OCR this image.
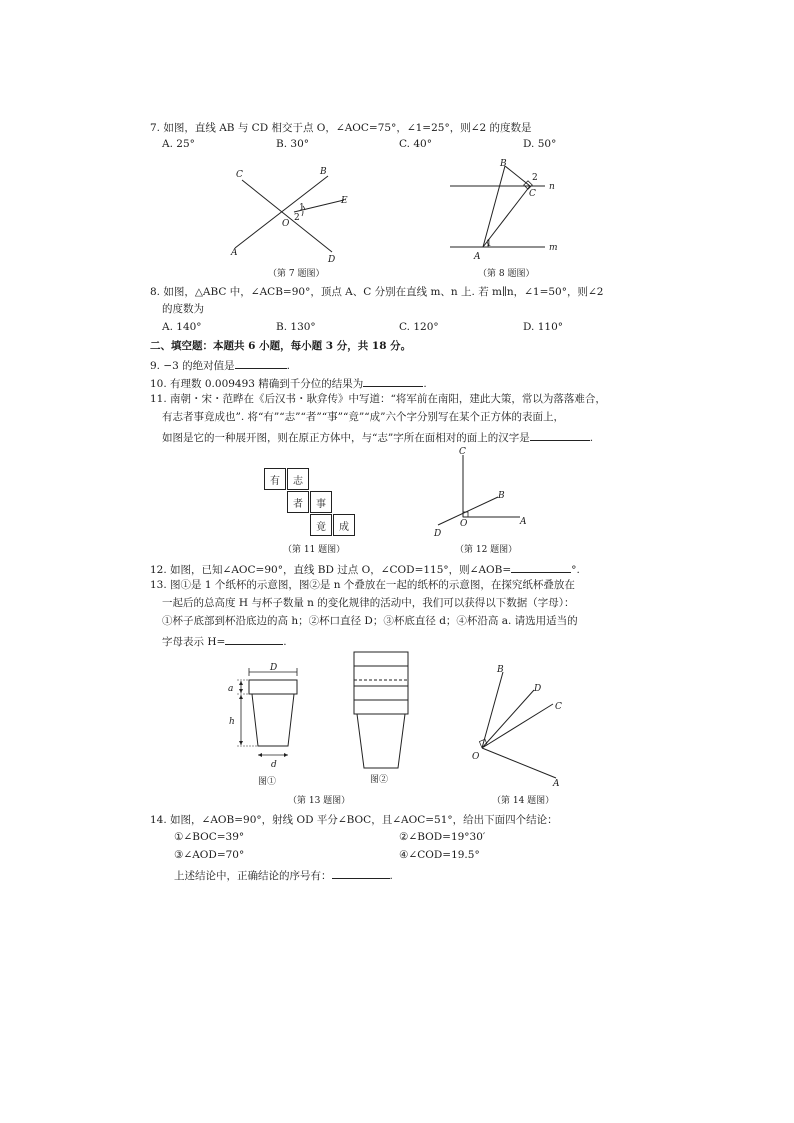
7. 如图，直线 AB 与 CD 相交于点 O，∠AOC=75°，∠1=25°，则∠2 的度数是
A. 25°	B. 30°	C. 40°	D. 50°
C	B
E
O
A
D
1
2
（第 7 题图）
B
2
C
n
m
1
A
（第 8 题图）
8. 如图，△ABC 中，∠ACB=90°，顶点 A、C 分别在直线 m、n 上. 若 m∥n，∠1=50°，则∠2
的度数为
A. 140°	B. 130°	C. 120°	D. 110°
二、填空题：本题共 6 小题，每小题 3 分，共 18 分。
9. −3 的绝对值是	.
10. 有理数 0.009493 精确到千分位的结果为	.
11. 南朝・宋・范晔在《后汉书・耿弇传》中写道：“将军前在南阳，建此大策，常以为落落难合，
有志者事竟成也”. 将“有”“志”“者”“事”“竟”“成”六个字分别写在某个正方体的表面上，
如图是它的一种展开图，则在原正方体中，与“志”字所在面相对的面上的汉字是	.
有	志
者	事
竟	成
（第 11 题图）
C
B
A
O
D
（第 12 题图）
12. 如图，已知∠AOC=90°，直线 BD 过点 O，∠COD=115°，则∠AOB=	°.
13. 图①是 1 个纸杯的示意图，图②是 n 个叠放在一起的纸杯的示意图，在探究纸杯叠放在
一起后的总高度 H 与杯子数量 n 的变化规律的活动中，我们可以获得以下数据（字母）：
①杯子底部到杯沿底边的高 h；②杯口直径 D；③杯底直径 d；④杯沿高 a. 请选用适当的
字母表示 H=	.
D
a
h
d
图①	图②
（第 13 题图）
B
D
C
O
A
（第 14 题图）
14. 如图，∠AOB=90°，射线 OD 平分∠BOC，且∠AOC=51°，给出下面四个结论：
①∠BOC=39°	②∠BOD=19°30′
③∠AOD=70°	④∠COD=19.5°
上述结论中，正确结论的序号有：	.
